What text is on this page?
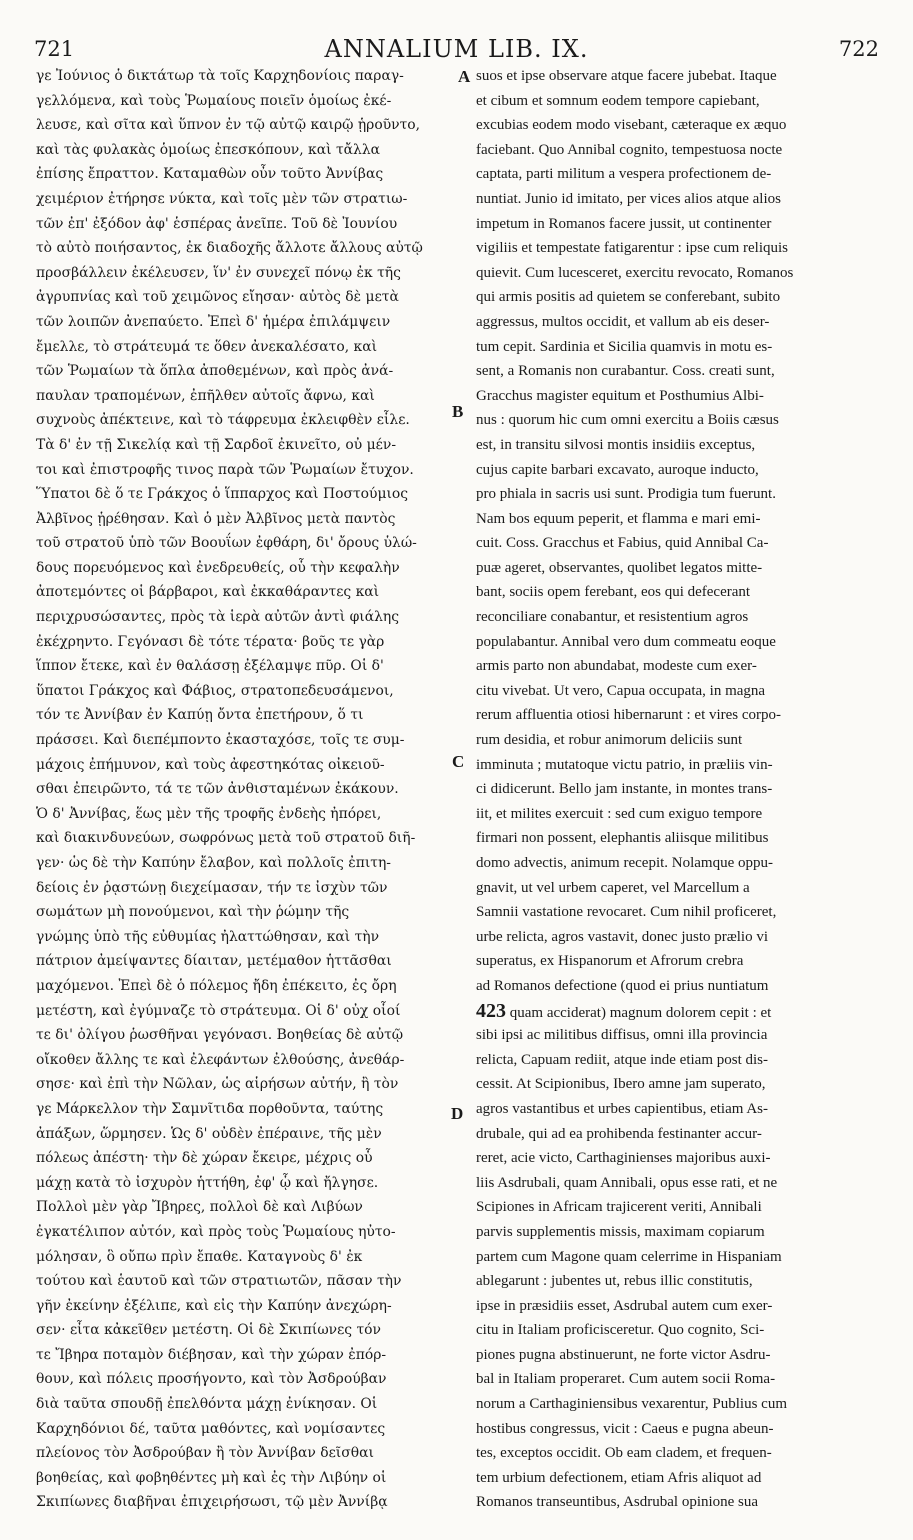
721	ANNALIUM LIB. IX.	722
γε Ἰούνιος ὁ δικτάτωρ τὰ τοῖς Καρχηδονίοις παραγ-
γελλόμενα, καὶ τοὺς Ῥωμαίους ποιεῖν ὁμοίως ἐκέ-
λευσε, καὶ σῖτα καὶ ὕπνον ἐν τῷ αὐτῷ καιρῷ ᾑροῦντο,
καὶ τὰς φυλακὰς ὁμοίως ἐπεσκόπουν, καὶ τἄλλα
ἐπίσης ἔπραττον. Καταμαθὼν οὖν τοῦτο Ἀννίβας
χειμέριον ἐτήρησε νύκτα, καὶ τοῖς μὲν τῶν στρατιω-
τῶν ἐπ' ἐξόδον ἀφ' ἑσπέρας ἀνεῖπε. Τοῦ δὲ Ἰουνίου
τὸ αὐτὸ ποιήσαντος, ἐκ διαδοχῆς ἄλλοτε ἄλλους αὐτῷ
προσβάλλειν ἐκέλευσεν, ἵν' ἐν συνεχεῖ πόνῳ ἐκ τῆς
ἀγρυπνίας καὶ τοῦ χειμῶνος εἴησαν· αὐτὸς δὲ μετὰ
τῶν λοιπῶν ἀνεπαύετο. Ἐπεὶ δ' ἡμέρα ἐπιλάμψειν
ἔμελλε, τὸ στράτευμά τε ὅθεν ἀνεκαλέσατο, καὶ
τῶν Ῥωμαίων τὰ ὅπλα ἀποθεμένων, καὶ πρὸς ἀνά-
παυλαν τραπομένων, ἐπῆλθεν αὐτοῖς ἄφνω, καὶ
συχνοὺς ἀπέκτεινε, καὶ τὸ τάφρευμα ἐκλειφθὲν εἷλε.
Τὰ δ' ἐν τῇ Σικελίᾳ καὶ τῇ Σαρδοῖ ἐκινεῖτο, οὐ μέν-
τοι καὶ ἐπιστροφῆς τινος παρὰ τῶν Ῥωμαίων ἔτυχον.
Ὕπατοι δὲ ὅ τε Γράκχος ὁ ἵππαρχος καὶ Ποστούμιος
Ἀλβῖνος ᾑρέθησαν. Καὶ ὁ μὲν Ἀλβῖνος μετὰ παντὸς
τοῦ στρατοῦ ὑπὸ τῶν Βοουΐων ἐφθάρη, δι' ὄρους ὑλώ-
δους πορευόμενος καὶ ἐνεδρευθείς, οὗ τὴν κεφαλὴν
ἀποτεμόντες οἱ βάρβαροι, καὶ ἐκκαθάραντες καὶ
περιχρυσώσαντες, πρὸς τὰ ἱερὰ αὐτῶν ἀντὶ φιάλης
ἐκέχρηντο. Γεγόνασι δὲ τότε τέρατα· βοῦς τε γὰρ
ἵππον ἔτεκε, καὶ ἐν θαλάσσῃ ἐξέλαμψε πῦρ. Οἱ δ'
ὕπατοι Γράκχος καὶ Φάβιος, στρατοπεδευσάμενοι,
τόν τε Ἀννίβαν ἐν Καπύῃ ὄντα ἐπετήρουν, ὅ τι
πράσσει. Καὶ διεπέμποντο ἑκασταχόσε, τοῖς τε συμ-
μάχοις ἐπήμυνον, καὶ τοὺς ἀφεστηκότας οἰκειοῦ-
σθαι ἐπειρῶντο, τά τε τῶν ἀνθισταμένων ἐκάκουν.
Ὁ δ' Ἀννίβας, ἕως μὲν τῆς τροφῆς ἐνδεὴς ἠπόρει,
καὶ διακινδυνεύων, σωφρόνως μετὰ τοῦ στρατοῦ διῆ-
γεν· ὡς δὲ τὴν Καπύην ἔλαβον, καὶ πολλοῖς ἐπιτη-
δείοις ἐν ῥᾳστώνῃ διεχείμασαν, τήν τε ἰσχὺν τῶν
σωμάτων μὴ πονούμενοι, καὶ τὴν ῥώμην τῆς
γνώμης ὑπὸ τῆς εὐθυμίας ἠλαττώθησαν, καὶ τὴν
πάτριον ἀμείψαντες δίαιταν, μετέμαθον ἡττᾶσθαι
μαχόμενοι. Ἐπεὶ δὲ ὁ πόλεμος ἤδη ἐπέκειτο, ἐς ὄρη
μετέστη, καὶ ἐγύμναζε τὸ στράτευμα. Οἱ δ' οὐχ οἷοί
τε δι' ὀλίγου ῥωσθῆναι γεγόνασι. Βοηθείας δὲ αὐτῷ
οἴκοθεν ἄλλης τε καὶ ἐλεφάντων ἐλθούσης, ἀνεθάρ-
σησε· καὶ ἐπὶ τὴν Νῶλαν, ὡς αἱρήσων αὐτήν, ἢ τὸν
γε Μάρκελλον τὴν Σαμνῖτιδα πορθοῦντα, ταύτης
ἀπάξων, ὥρμησεν. Ὡς δ' οὐδὲν ἐπέραινε, τῆς μὲν
πόλεως ἀπέστη· τὴν δὲ χώραν ἔκειρε, μέχρις οὗ
μάχῃ κατὰ τὸ ἰσχυρὸν ἡττήθη, ἐφ' ᾧ καὶ ἤλγησε.
Πολλοὶ μὲν γὰρ Ἴβηρες, πολλοὶ δὲ καὶ Λιβύων
ἐγκατέλιπον αὐτόν, καὶ πρὸς τοὺς Ῥωμαίους ηὐτο-
μόλησαν, ὃ οὔπω πρὶν ἔπαθε. Καταγνοὺς δ' ἐκ
τούτου καὶ ἑαυτοῦ καὶ τῶν στρατιωτῶν, πᾶσαν τὴν
γῆν ἐκείνην ἐξέλιπε, καὶ εἰς τὴν Καπύην ἀνεχώρη-
σεν· εἶτα κἀκεῖθεν μετέστη. Οἱ δὲ Σκιπίωνες τόν
τε Ἴβηρα ποταμὸν διέβησαν, καὶ τὴν χώραν ἐπόρ-
θουν, καὶ πόλεις προσήγοντο, καὶ τὸν Ἀσδρούβαν
διὰ ταῦτα σπουδῇ ἐπελθόντα μάχῃ ἐνίκησαν. Οἱ
Καρχηδόνιοι δέ, ταῦτα μαθόντες, καὶ νομίσαντες
πλείονος τὸν Ἀσδρούβαν ἢ τὸν Ἀννίβαν δεῖσθαι
βοηθείας, καὶ φοβηθέντες μὴ καὶ ἐς τὴν Λιβύην οἱ
Σκιπίωνες διαβῆναι ἐπιχειρήσωσι, τῷ μὲν Ἀννίβᾳ
suos et ipse observare atque facere jubebat. Itaque
et cibum et somnum eodem tempore capiebant,
excubias eodem modo visebant, cæteraque ex æquo
faciebant. Quo Annibal cognito, tempestuosa nocte
captata, parti militum a vespera profectionem de-
nuntiat. Junio id imitato, per vices alios atque alios
impetum in Romanos facere jussit, ut continenter
vigiliis et tempestate fatigarentur : ipse cum reliquis
quievit. Cum lucesceret, exercitu revocato, Romanos
qui armis positis ad quietem se conferebant, subito
aggressus, multos occidit, et vallum ab eis deser-
tum cepit. Sardinia et Sicilia quamvis in motu es-
sent, a Romanis non curabantur. Coss. creati sunt,
Gracchus magister equitum et Posthumius Albi-
nus : quorum hic cum omni exercitu a Boiis cæsus
est, in transitu silvosi montis insidiis exceptus,
cujus capite barbari excavato, auroque inducto,
pro phiala in sacris usi sunt. Prodigia tum fuerunt.
Nam bos equum peperit, et flamma e mari emi-
cuit. Coss. Gracchus et Fabius, quid Annibal Ca-
puæ ageret, observantes, quolibet legatos mitte-
bant, sociis opem ferebant, eos qui defecerant
reconciliare conabantur, et resistentium agros
populabantur. Annibal vero dum commeatu eoque
armis parto non abundabat, modeste cum exer-
citu vivebat. Ut vero, Capua occupata, in magna
rerum affluentia otiosi hibernarunt : et vires corpo-
rum desidia, et robur animorum deliciis sunt
imminuta ; mutatoque victu patrio, in præliis vin-
ci didicerunt. Bello jam instante, in montes trans-
iit, et milites exercuit : sed cum exiguo tempore
firmari non possent, elephantis aliisque militibus
domo advectis, animum recepit. Nolamque oppu-
gnavit, ut vel urbem caperet, vel Marcellum a
Samnii vastatione revocaret. Cum nihil proficeret,
urbe relicta, agros vastavit, donec justo prælio vi
superatus, ex Hispanorum et Afrorum crebra
ad Romanos defectione (quod ei prius nuntiatum
423 quam acciderat) magnum dolorem cepit : et
sibi ipsi ac militibus diffisus, omni illa provincia
relicta, Capuam rediit, atque inde etiam post dis-
cessit. At Scipionibus, Ibero amne jam superato,
agros vastantibus et urbes capientibus, etiam As-
drubale, qui ad ea prohibenda festinanter accur-
reret, acie victo, Carthaginienses majoribus auxi-
liis Asdrubali, quam Annibali, opus esse rati, et ne
Scipiones in Africam trajicerent veriti, Annibali
parvis supplementis missis, maximam copiarum
partem cum Magone quam celerrime in Hispaniam
ablegarunt : jubentes ut, rebus illic constitutis,
ipse in præsidiis esset, Asdrubal autem cum exer-
citu in Italiam proficisceretur. Quo cognito, Sci-
piones pugna abstinuerunt, ne forte victor Asdru-
bal in Italiam properaret. Cum autem socii Roma-
norum a Carthaginiensibus vexarentur, Publius cum
hostibus congressus, vicit : Caeus e pugna abeun-
tes, exceptos occidit. Ob eam cladem, et frequen-
tem urbium defectionem, etiam Afris aliquot ad
Romanos transeuntibus, Asdrubal opinione sua
A
B
C
D
